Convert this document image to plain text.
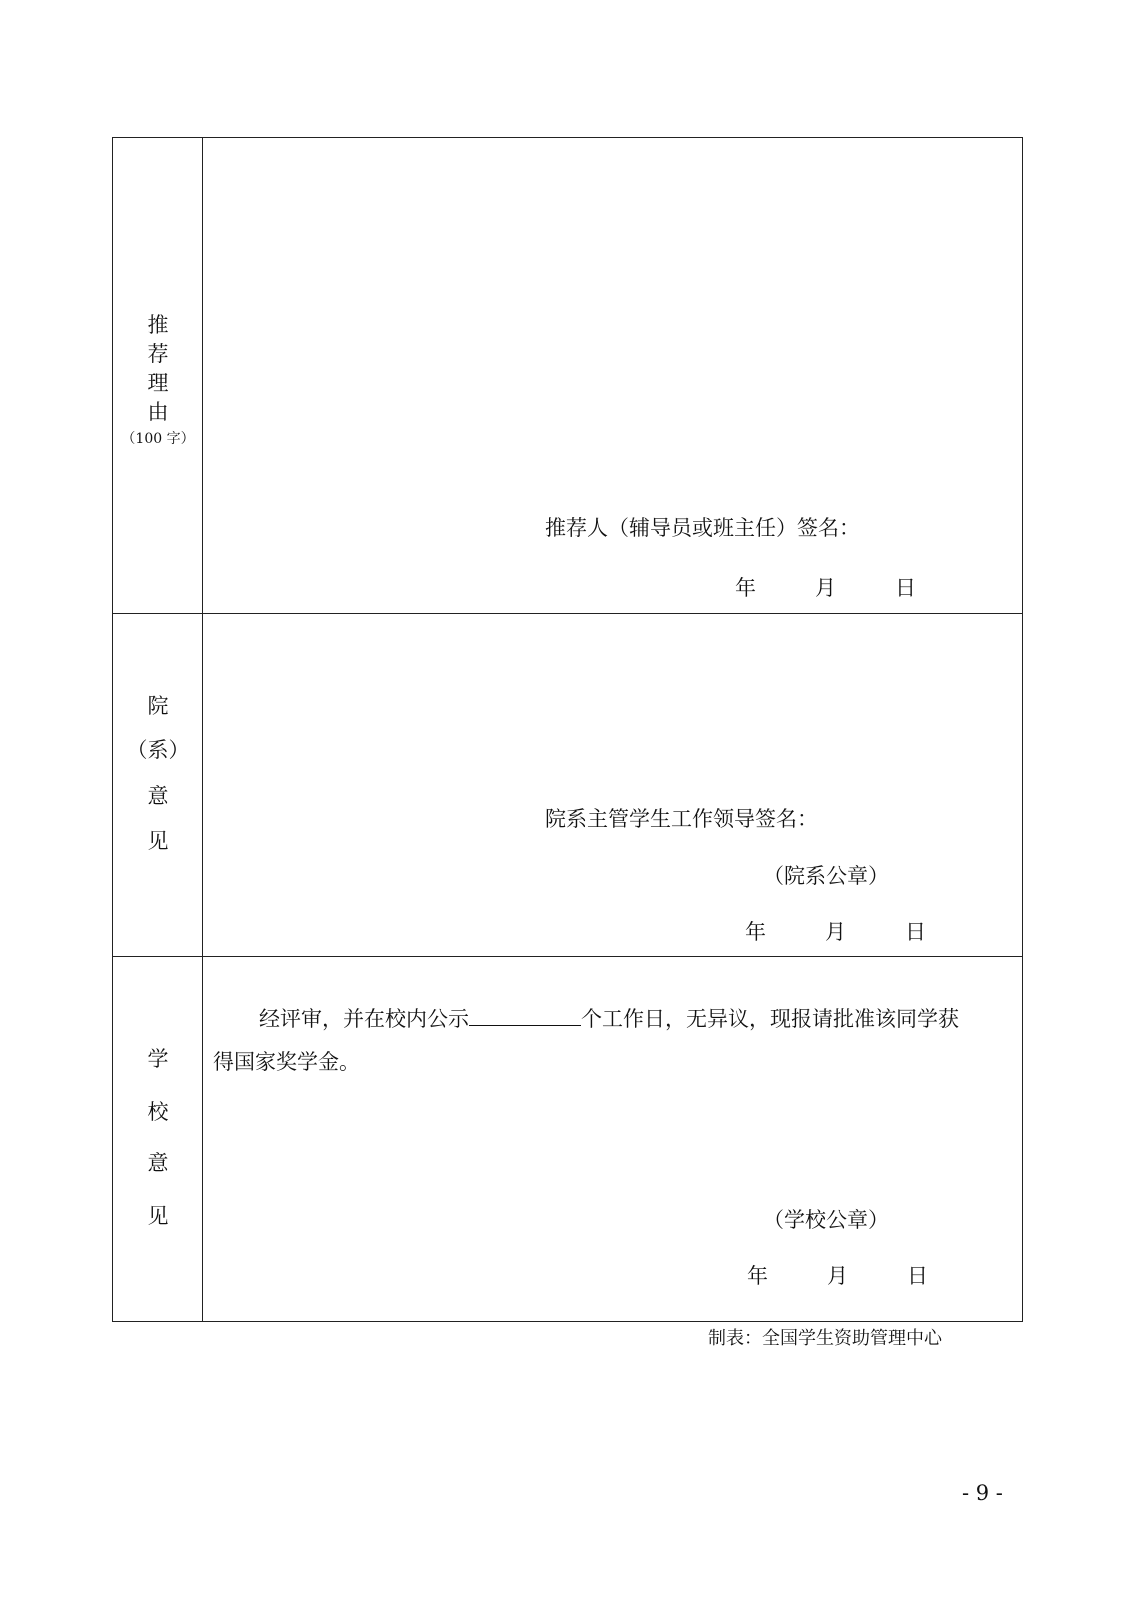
推
荐
理
由
（100 字）
推荐人（辅导员或班主任）签名：
年	月	日
院
（系）
意
见
院系主管学生工作领导签名：
（院系公章）
年	月	日
学
校
意
见
经评审，并在校内公示	个工作日，无异议，现报请批准该同学获
得国家奖学金。
（学校公章）
年	月	日
制表：全国学生资助管理中心
- 9 -
